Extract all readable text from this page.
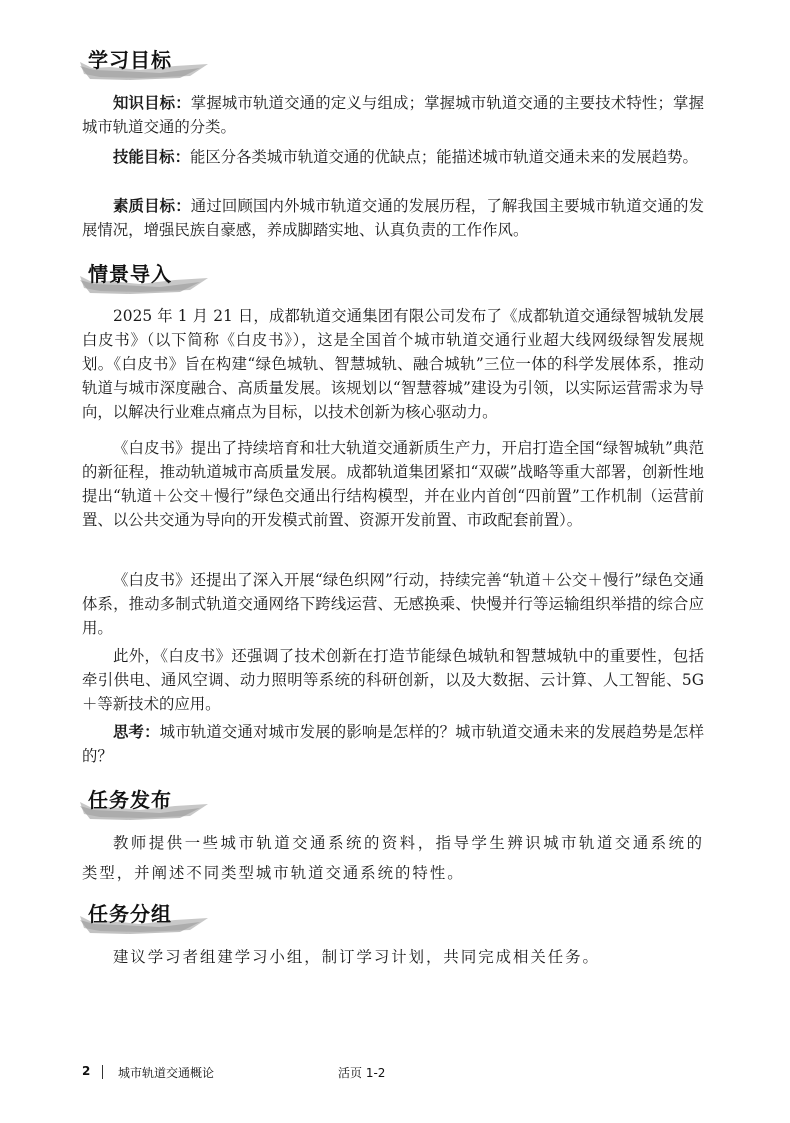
学习目标

知识目标：掌握城市轨道交通的定义与组成；掌握城市轨道交通的主要技术特性；掌握城市轨道交通的分类。

技能目标：能区分各类城市轨道交通的优缺点；能描述城市轨道交通未来的发展趋势。

素质目标：通过回顾国内外城市轨道交通的发展历程，了解我国主要城市轨道交通的发展情况，增强民族自豪感，养成脚踏实地、认真负责的工作作风。

情景导入

2025 年 1 月 21 日，成都轨道交通集团有限公司发布了《成都轨道交通绿智城轨发展白皮书》（以下简称《白皮书》），这是全国首个城市轨道交通行业超大线网级绿智发展规划。《白皮书》旨在构建“绿色城轨、智慧城轨、融合城轨”三位一体的科学发展体系，推动轨道与城市深度融合、高质量发展。该规划以“智慧蓉城”建设为引领，以实际运营需求为导向，以解决行业难点痛点为目标，以技术创新为核心驱动力。

《白皮书》提出了持续培育和壮大轨道交通新质生产力，开启打造全国“绿智城轨”典范的新征程，推动轨道城市高质量发展。成都轨道集团紧扣“双碳”战略等重大部署，创新性地提出“轨道＋公交＋慢行”绿色交通出行结构模型，并在业内首创“四前置”工作机制（运营前置、以公共交通为导向的开发模式前置、资源开发前置、市政配套前置）。

《白皮书》还提出了深入开展“绿色织网”行动，持续完善“轨道＋公交＋慢行”绿色交通体系，推动多制式轨道交通网络下跨线运营、无感换乘、快慢并行等运输组织举措的综合应用。

此外，《白皮书》还强调了技术创新在打造节能绿色城轨和智慧城轨中的重要性，包括牵引供电、通风空调、动力照明等系统的科研创新，以及大数据、云计算、人工智能、5G＋等新技术的应用。

思考：城市轨道交通对城市发展的影响是怎样的？城市轨道交通未来的发展趋势是怎样的？

任务发布

教师提供一些城市轨道交通系统的资料，指导学生辨识城市轨道交通系统的类型，并阐述不同类型城市轨道交通系统的特性。

任务分组

建议学习者组建学习小组，制订学习计划，共同完成相关任务。

2 城市轨道交通概论	活页 1-2
